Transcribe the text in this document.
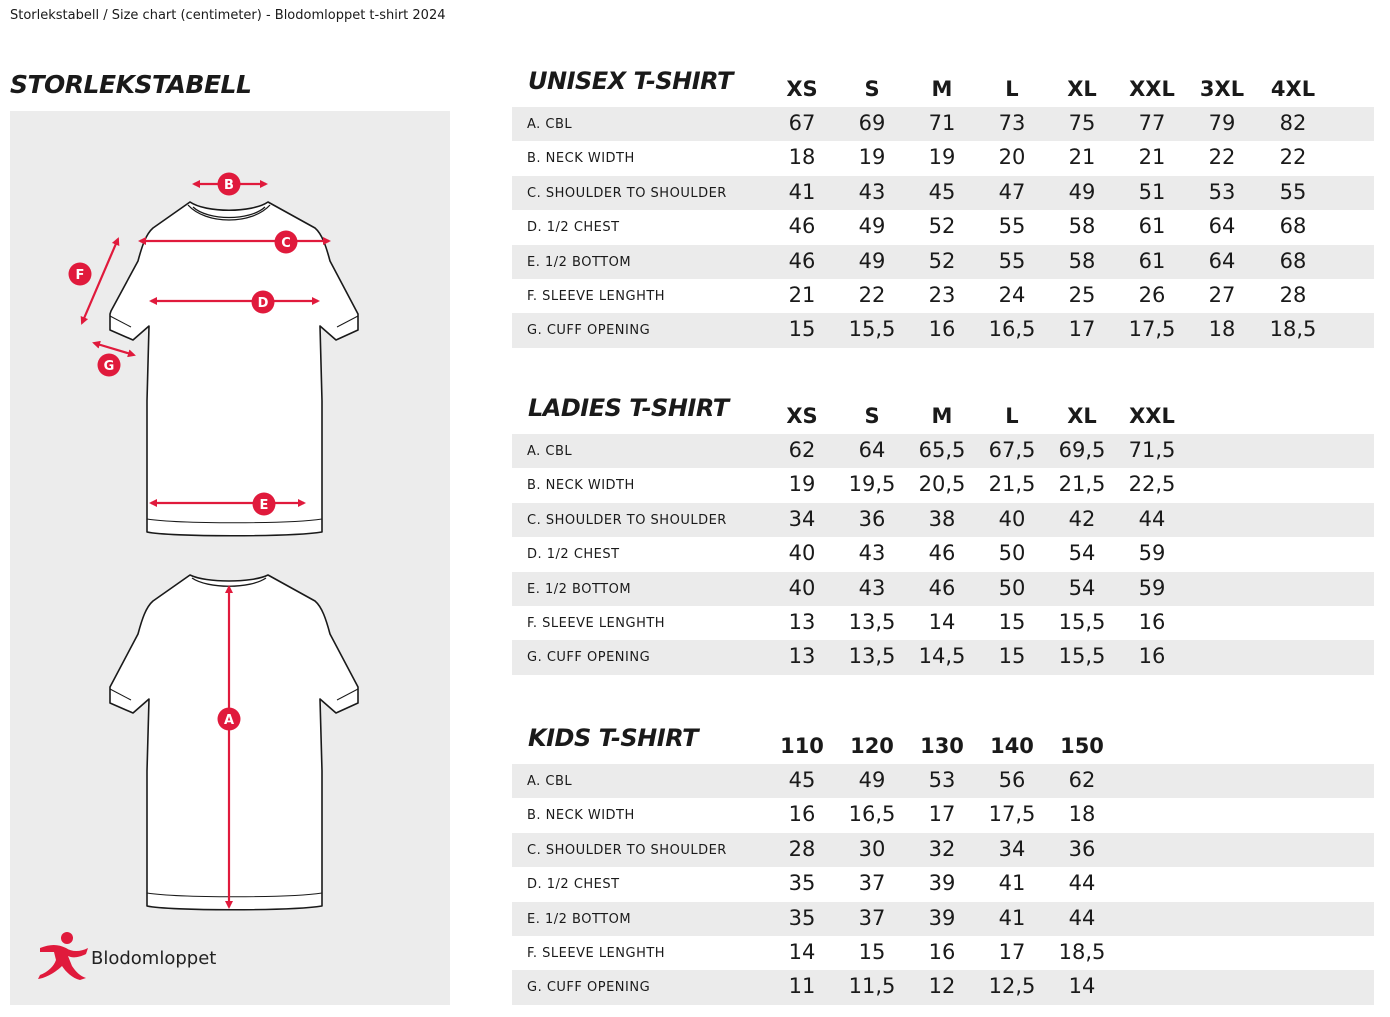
Storlekstabell / Size chart (centimeter) - Blodomloppet t-shirt 2024
STORLEKSTABELL
B
C
D
E
F
G
A
Blodomloppet
UNISEX T-SHIRT	XS	S	M	L	XL	XXL	3XL	4XL
A. CBL	67	69	71	73	75	77	79	82
B. NECK WIDTH	18	19	19	20	21	21	22	22
C. SHOULDER TO SHOULDER	41	43	45	47	49	51	53	55
D. 1/2 CHEST	46	49	52	55	58	61	64	68
E. 1/2 BOTTOM	46	49	52	55	58	61	64	68
F. SLEEVE LENGHTH	21	22	23	24	25	26	27	28
G. CUFF OPENING	15	15,5	16	16,5	17	17,5	18	18,5
LADIES T-SHIRT	XS	S	M	L	XL	XXL
A. CBL	62	64	65,5	67,5	69,5	71,5
B. NECK WIDTH	19	19,5	20,5	21,5	21,5	22,5
C. SHOULDER TO SHOULDER	34	36	38	40	42	44
D. 1/2 CHEST	40	43	46	50	54	59
E. 1/2 BOTTOM	40	43	46	50	54	59
F. SLEEVE LENGHTH	13	13,5	14	15	15,5	16
G. CUFF OPENING	13	13,5	14,5	15	15,5	16
KIDS T-SHIRT	110	120	130	140	150
A. CBL	45	49	53	56	62
B. NECK WIDTH	16	16,5	17	17,5	18
C. SHOULDER TO SHOULDER	28	30	32	34	36
D. 1/2 CHEST	35	37	39	41	44
E. 1/2 BOTTOM	35	37	39	41	44
F. SLEEVE LENGHTH	14	15	16	17	18,5
G. CUFF OPENING	11	11,5	12	12,5	14
